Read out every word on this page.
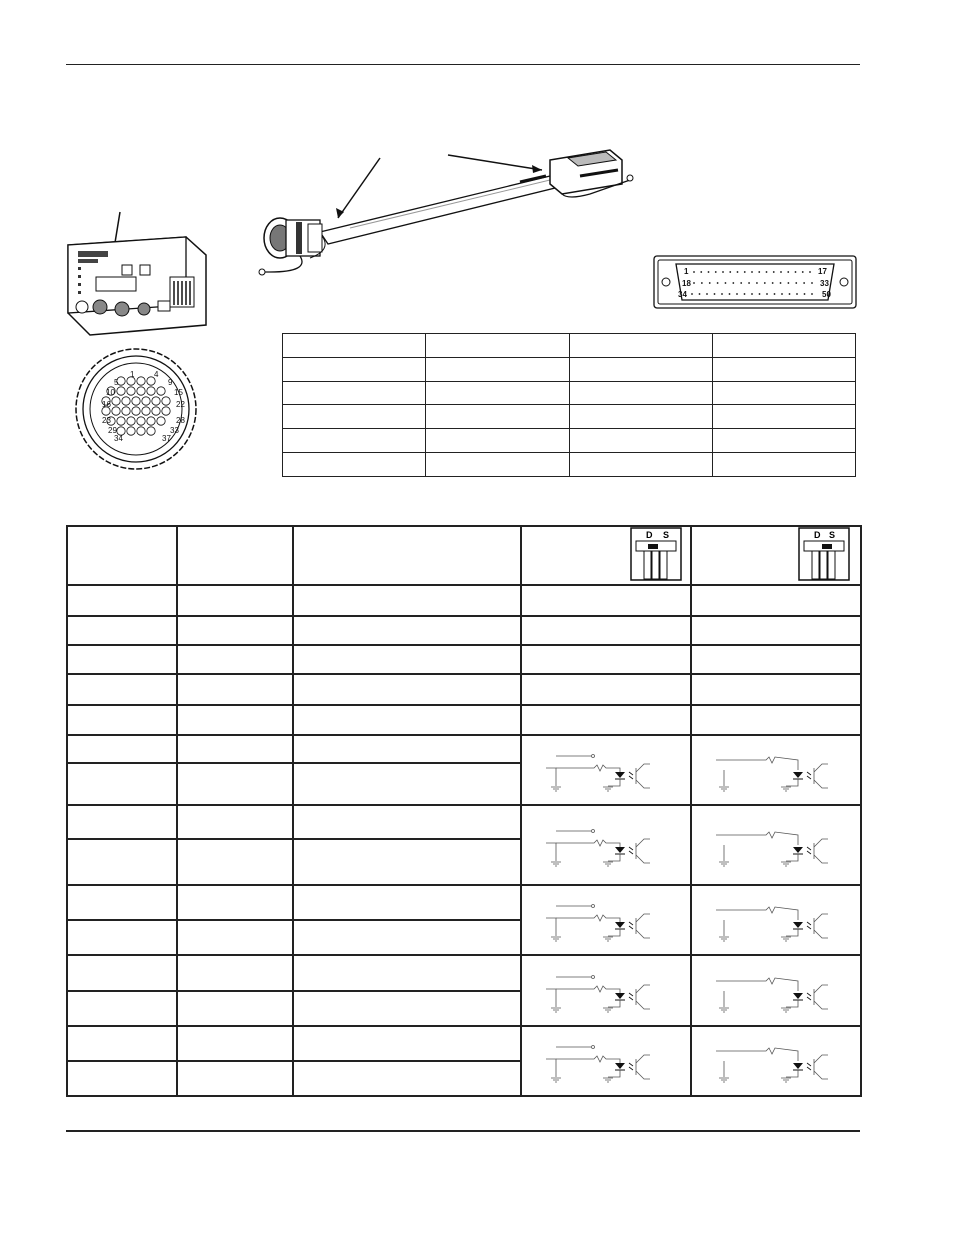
1 4
5	9
10	15
16	22
23	28
29	33
34	37
1	17
18	33
34	50

D S	D S
